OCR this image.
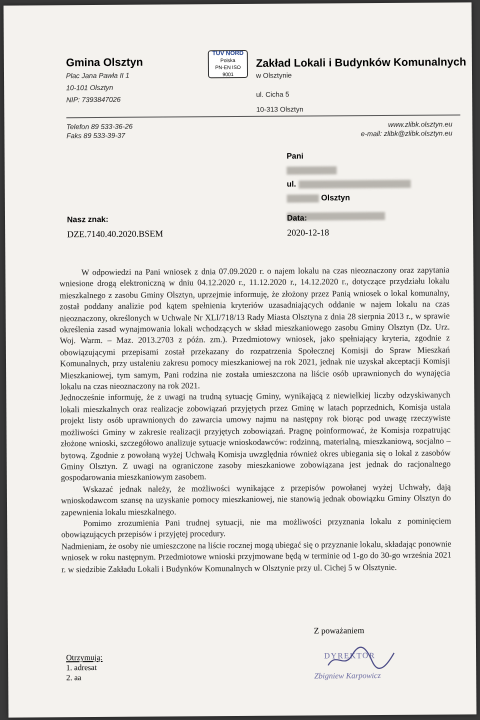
Gmina Olsztyn
Plac Jana Pawła II 1
10-101 Olsztyn
NIP: 7393847026
TUV NORD
Polska
PN-EN ISO 9001
Zakład Lokali i Budynków Komunalnych
w Olsztynie
ul. Cicha 5
10-313 Olsztyn
Telefon 89 533-36-26
Faks 89 533-39-37
www.zlibk.olsztyn.eu
e-mail: zlibk@zlibk.olsztyn.eu
Pani
ul.
Olsztyn
Nasz znak:
DZE.7140.40.2020.BSEM
Data:
2020-12-18

W odpowiedzi na Pani wniosek z dnia 07.09.2020 r. o najem lokalu na czas nieoznaczony oraz zapytania wniesione drogą elektroniczną w dniu 04.12.2020 r., 11.12.2020 r., 14.12.2020 r., dotyczące przydziału lokalu mieszkalnego z zasobu Gminy Olsztyn, uprzejmie informuję, że złożony przez Panią wniosek o lokal komunalny, został poddany analizie pod kątem spełnienia kryteriów uzasadniających oddanie w najem lokalu na czas nieoznaczony, określonych w Uchwale Nr XLI/718/13 Rady Miasta Olsztyna z dnia 28 sierpnia 2013 r., w sprawie określenia zasad wynajmowania lokali wchodzących w skład mieszkaniowego zasobu Gminy Olsztyn (Dz. Urz. Woj. Warm. – Maz. 2013.2703 z późn. zm.). Przedmiotowy wniosek, jako spełniający kryteria, zgodnie z obowiązującymi przepisami został przekazany do rozpatrzenia Społecznej Komisji do Spraw Mieszkań Komunalnych, przy ustaleniu zakresu pomocy mieszkaniowej na rok 2021, jednak nie uzyskał akceptacji Komisji Mieszkaniowej, tym samym, Pani rodzina nie została umieszczona na liście osób uprawnionych do wynajęcia lokalu na czas nieoznaczony na rok 2021.

Jednocześnie informuję, że z uwagi na trudną sytuację Gminy, wynikającą z niewielkiej liczby odzyskiwanych lokali mieszkalnych oraz realizacje zobowiązań przyjętych przez Gminę w latach poprzednich, Komisja ustala projekt listy osób uprawnionych do zawarcia umowy najmu na następny rok biorąc pod uwagę rzeczywiste możliwości Gminy w zakresie realizacji przyjętych zobowiązań. Pragnę poinformować, że Komisja rozpatrując złożone wnioski, szczegółowo analizuje sytuacje wnioskodawców: rodzinną, materialną, mieszkaniową, socjalno – bytową. Zgodnie z powołaną wyżej Uchwałą Komisja uwzględnia również okres ubiegania się o lokal z zasobów Gminy Olsztyn. Z uwagi na ograniczone zasoby mieszkaniowe zobowiązana jest jednak do racjonalnego gospodarowania mieszkaniowym zasobem.

Wskazać jednak należy, że możliwości wynikające z przepisów powołanej wyżej Uchwały, dają wnioskodawcom szansę na uzyskanie pomocy mieszkaniowej, nie stanowią jednak obowiązku Gminy Olsztyn do zapewnienia lokalu mieszkalnego.

Pomimo zrozumienia Pani trudnej sytuacji, nie ma możliwości przyznania lokalu z pominięciem obowiązujących przepisów i przyjętej procedury.

Nadmieniam, że osoby nie umieszczone na liście rocznej mogą ubiegać się o przyznanie lokalu, składając ponownie wniosek w roku następnym. Przedmiotowe wnioski przyjmowane będą w terminie od 1-go do 30-go września 2021 r. w siedzibie Zakładu Lokali i Budynków Komunalnych w Olsztynie przy ul. Cichej 5 w Olsztynie.

Z poważaniem
DYREKTOR
Zbigniew Karpowicz
Otrzymują:
1. adresat
2. aa
